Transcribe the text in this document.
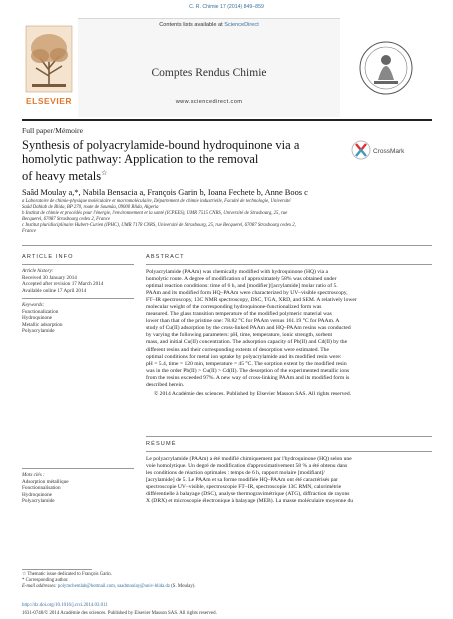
C. R. Chimie 17 (2014) 849–859
ELSEVIER
Contents lists available at ScienceDirect
Comptes Rendus Chimie
www.sciencedirect.com
Full paper/Mémoire
Synthesis of polyacrylamide-bound hydroquinone via a
homolytic pathway: Application to the removal
of heavy metals☆
CrossMark
Saâd Moulay a,*, Nabila Bensacia a, François Garin b, Ioana Fechete b, Anne Boos c
a Laboratoire de chimie-physique moléculaire et macromoléculaire, Département de chimie industrielle, Faculté de technologie, Université
Saâd Dahlab de Blida, BP 270, route de Soumâa, 09000 Blida, Algeria
b Institut de chimie et procédés pour l'énergie, l'environnement et la santé (ICPEES), UMR 7515 CNRS, Université de Strasbourg, 25, rue
Becquerel, 67087 Strasbourg cedex 2, France
c Institut pluridisciplinaire Hubert-Curien (IPHC), UMR 7178 CNRS, Université de Strasbourg, 25, rue Becquerel, 67087 Strasbourg cedex 2,
France
ARTICLE INFO
Article history:
Received 30 January 2014
Accepted after revision 17 March 2014
Available online 17 April 2014
Keywords:
Functionalization
Hydroquinone
Metallic adsorption
Polyacrylamide
Mots clés :
Adsorption métallique
Fonctionnalisation
Hydroquinone
Polyacrylamide
ABSTRACT
Polyacrylamide (PAAm) was chemically modified with hydroquinone (HQ) via a
homolytic route. A degree of modification of approximately 58% was obtained under
optimal reaction conditions: time of 6 h, and [modifier]/[acrylamide] molar ratio of 5.
PAAm and its modified form HQ–PAAm were characterized by UV–visible spectroscopy,
FT–IR spectroscopy, 13C NMR spectroscopy, DSC, TGA, XRD, and SEM. A relatively lower
molecular weight of the corresponding hydroquinone-functionalized form was
measured. The glass transition temperature of the modified polymeric material was
lower than that of the pristine one: 78.82 °C for PAAm versus 161.19 °C for PAAm. A
study of Cu(II) adsorption by the cross-linked PAAm and HQ–PAAm resins was conducted
by varying the following parameters: pH, time, temperature, ionic strength, sorbent
mass, and initial Cu(II) concentration. The adsorption capacity of Pb(II) and Cd(II) by the
different resins and their corresponding extents of desorption were estimated. The
optimal conditions for metal ion uptake by polyacrylamide and its modified resin were:
pH = 5.4, time = 120 min, temperature = 45 °C. The sorption extent by the modified resin
was in the order Pb(II) > Cu(II) > Cd(II). The desorption of the experimented metallic ions
from the resins exceeded 97%. A new way of cross-linking PAAm and its modified form is
described herein.
© 2014 Académie des sciences. Published by Elsevier Masson SAS. All rights reserved.
RÉSUMÉ
Le polyacrylamide (PAAm) a été modifié chimiquement par l'hydroquinone (HQ) selon une
voie homolytique. Un degré de modification d'approximativement 58 % a été obtenu dans
les conditions de réaction optimales : temps de 6 h, rapport molaire [modifiant]/
[acrylamide] de 5. Le PAAm et sa forme modifiée HQ–PAAm ont été caractérisés par
spectroscopie UV–visible, spectroscopie FT–IR, spectroscopie 13C RMN, calorimétrie
différentielle à balayage (DSC), analyse thermogravimétrique (ATG), diffraction de rayons
X (DRX) et microscopie électronique à balayage (MEB). La masse moléculaire moyenne du
☆ Thematic issue dedicated to François Garin.
* Corresponding author.
E-mail addresses: polymchemlab@hotmail.com, saadmoulay@univ-blida.dz (S. Moulay).
http://dx.doi.org/10.1016/j.crci.2014.03.011
1631-0748/© 2014 Académie des sciences. Published by Elsevier Masson SAS. All rights reserved.
